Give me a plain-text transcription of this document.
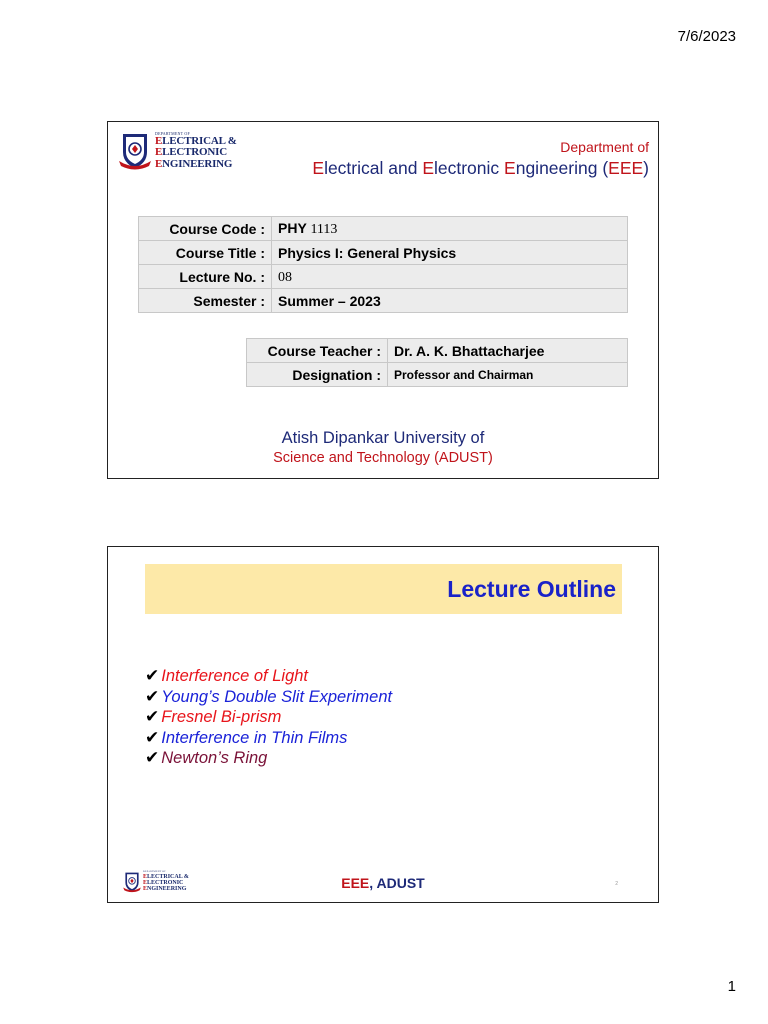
7/6/2023
DEPARTMENT OF
ELECTRICAL &
ELECTRONIC
ENGINEERING
Department of
Electrical and Electronic Engineering (EEE)
Course Code :	PHY 1113
Course Title :	Physics I: General Physics
Lecture No. :	08
Semester :	Summer – 2023
Course Teacher :	Dr. A. K. Bhattacharjee
Designation :	Professor and Chairman
Atish Dipankar University of
Science and Technology (ADUST)
Lecture Outline
✔ Interference of Light
✔ Young’s Double Slit Experiment
✔ Fresnel Bi-prism
✔ Interference in Thin Films
✔ Newton’s Ring
DEPARTMENT OF
ELECTRICAL &
ELECTRONIC
ENGINEERING	EEE, ADUST	2
1
